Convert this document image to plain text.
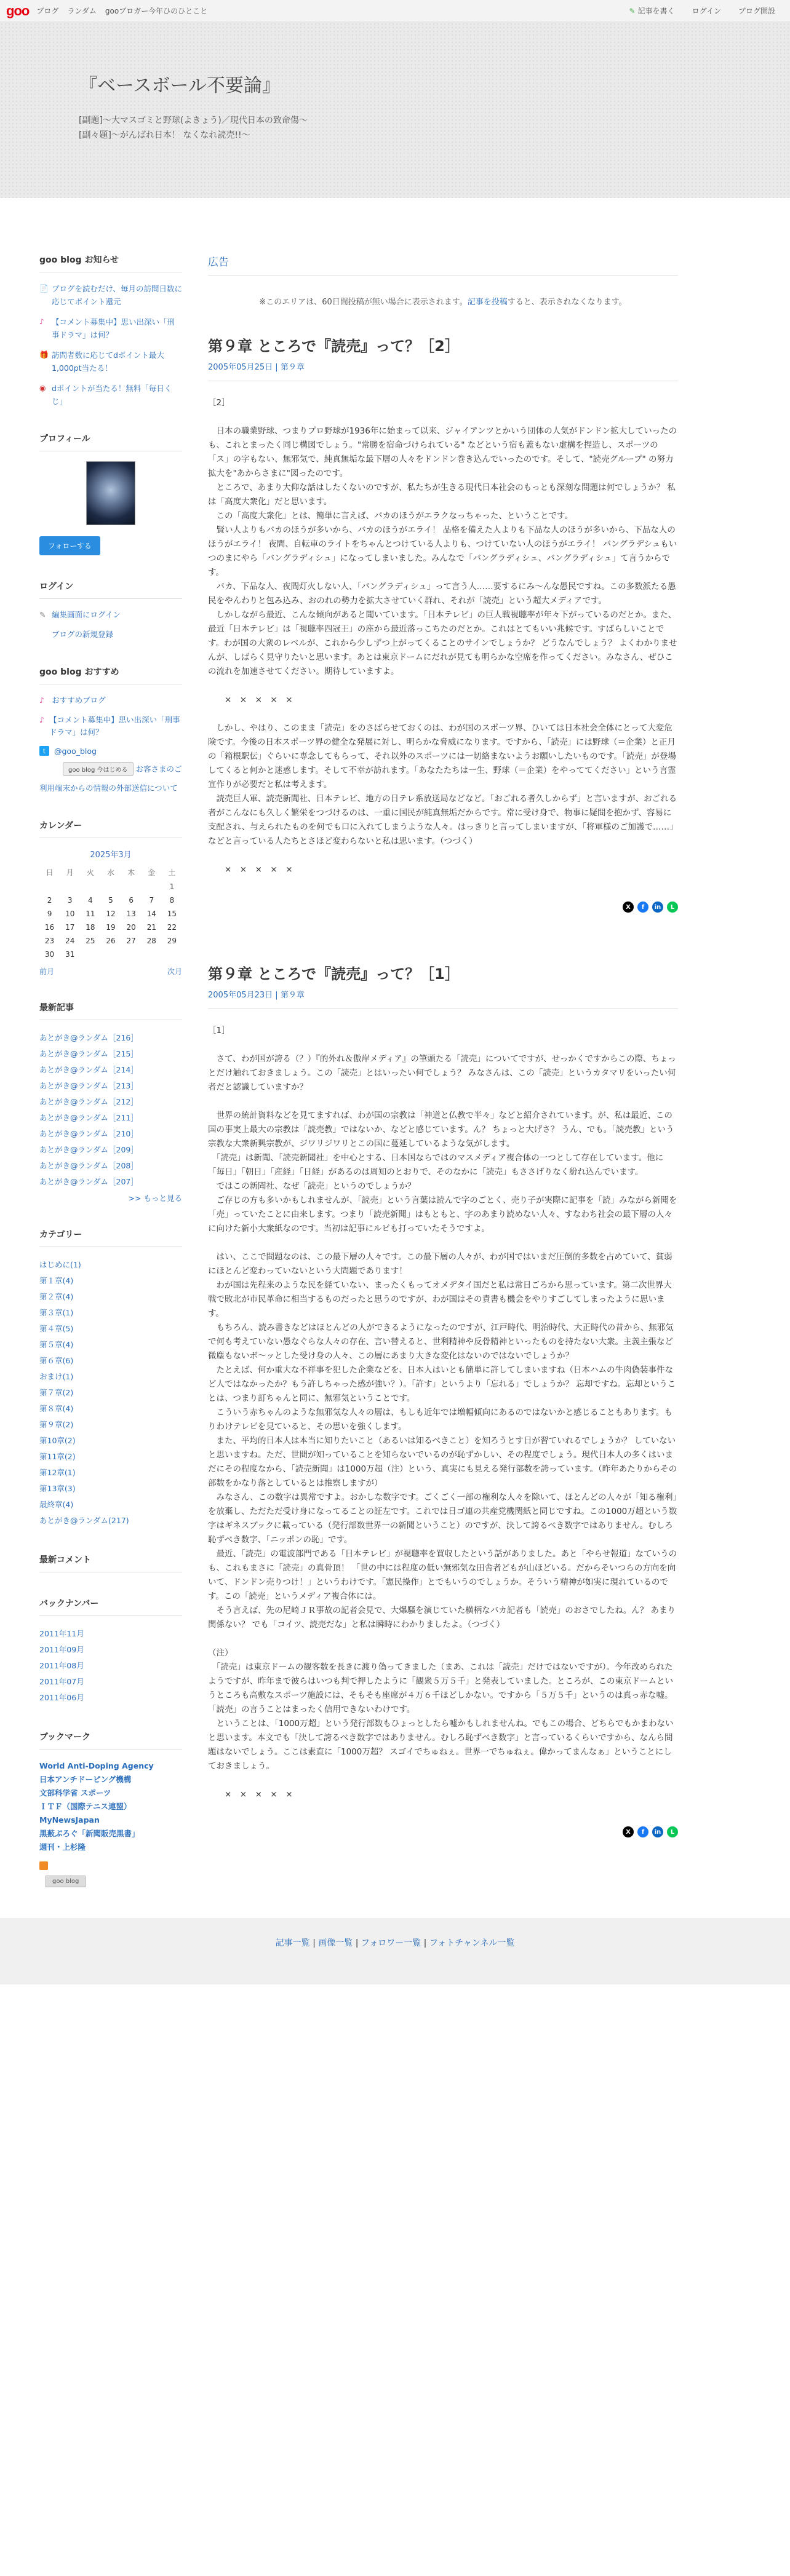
goo ブログ ランダム gooブロガー今年ひのひとこと	✎ 記事を書く ログイン ブログ開設
『ベースボール不要論』
[副題]〜大マスゴミと野球(よきょう)／現代日本の致命傷〜
[副々題]〜がんばれ日本！ なくなれ読売!!〜
goo blog お知らせ
📄 ブログを読むだけ、毎月の訪問日数に応じてポイント還元
♪ 【コメント募集中】思い出深い「刑事ドラマ」は何？
🎁 訪問者数に応じてdポイント最大1,000pt当たる！
◉ dポイントが当たる！無料「毎日くじ」
プロフィール
フォローする
ログイン
✎ 編集画面にログイン
ブログの新規登録
goo blog おすすめ
♪ おすすめブログ
♪ 【コメント募集中】思い出深い「刑事ドラマ」は何？
t	@goo_blog
goo blog 今はじめる お客さまのご利用端末からの情報の外部送信について
カレンダー
2025年3月
日	月	火	水	木	金	土
						1
2	3	4	5	6	7	8
9	10	11	12	13	14	15
16	17	18	19	20	21	22
23	24	25	26	27	28	29
30	31					
前月	次月
最新記事
あとがき@ランダム［216］
あとがき@ランダム［215］
あとがき@ランダム［214］
あとがき@ランダム［213］
あとがき@ランダム［212］
あとがき@ランダム［211］
あとがき@ランダム［210］
あとがき@ランダム［209］
あとがき@ランダム［208］
あとがき@ランダム［207］
>> もっと見る
カテゴリー
はじめに(1)
第１章(4)
第２章(4)
第３章(1)
第４章(5)
第５章(4)
第６章(6)
おまけ(1)
第７章(2)
第８章(4)
第９章(2)
第10章(2)
第11章(2)
第12章(1)
第13章(3)
最終章(4)
あとがき@ランダム(217)
最新コメント
バックナンバー
2011年11月
2011年09月
2011年08月
2011年07月
2011年06月
ブックマーク
World Anti-Doping Agency
日本アンチドーピング機構
文部科学省 スポーツ
ＩＴＦ（国際テニス連盟）
MyNewsJapan
黒薮ぶろぐ「新聞販売黒書」
週刊・上杉隆
goo blog
広告
※このエリアは、60日間投稿が無い場合に表示されます。記事を投稿すると、表示されなくなります。
第９章 ところで『読売』って？［2］
2005年05月25日 | 第９章

［2］

　日本の職業野球、つまりプロ野球が1936年に始まって以来、ジャイアンツとかいう団体の人気がドンドン拡大していったのも、これとまったく同じ構図でしょう。"常勝を宿命づけられている" などという宿も蓋もない虚構を捏造し、スポーツの「ス」の字もない、無邪気で、純真無垢な最下層の人々をドンドン巻き込んでいったのです。そして、"読売グループ" の努力拡大を"あからさまに"図ったのです。

　ところで、あまり大仰な話はしたくないのですが、私たちが生きる現代日本社会のもっとも深刻な問題は何でしょうか？ 私は「高度大衆化」だと思います。

　この「高度大衆化」とは、簡単に言えば、バカのほうがエラクなっちゃった、ということです。

　賢い人よりもバカのほうが多いから、バカのほうがエライ！ 品格を備えた人よりも下品な人のほうが多いから、下品な人のほうがエライ！ 夜間、自転車のライトをちゃんとつけている人よりも、つけていない人のほうがエライ！ バングラデシュもいつのまにやら「バングラディシュ」になってしまいました。みんなで「バングラディシュ、バングラディシュ」て言うからです。

　バカ、下品な人、夜間灯火しない人、「バングラディシュ」って言う人……要するにみ〜んな愚民ですね。この多数派たる愚民をやんわりと包み込み、おのれの勢力を拡大させていく群れ、それが「読売」という超大メディアです。

　しかしながら最近、こんな傾向があると聞いています。「日本テレビ」の巨人戦視聴率が年々下がっているのだとか。また、最近「日本テレビ」は「視聴率四冠王」の座から最近落っこちたのだとか。これはとてもいい兆候です。すばらしいことです。わが国の大衆のレベルが、これから少しずつ上がってくることのサインでしょうか？ どうなんでしょう？ よくわかりませんが、しばらく見守りたいと思います。あとは東京ドームにだれが見ても明らかな空席を作ってください。みなさん、ぜひこの流れを加速させてください。期待していますよ。

　　×　×　×　×　×

　しかし、やはり、このまま「読売」をのさばらせておくのは、わが国のスポーツ界、ひいては日本社会全体にとって大変危険です。今後の日本スポーツ界の健全な発展に対し、明らかな脅威になります。ですから、「読売」には野球（＝企業）と正月の「箱根駅伝」ぐらいに専念してもらって、それ以外のスポーツには一切絡まないようお願いしたいものです。「読売」が登場してくると何かと迷惑します。そして不幸が訪れます。「あなたたちは一生、野球（＝企業）をやっててください」という言霊宣作りが必要だと私は考えます。

　読売巨人軍、読売新聞社、日本テレビ、地方の日テレ系放送局などなど。「おごれる者久しからず」と言いますが、おごれる者がこんなにも久しく繁栄をつづけるのは、一重に国民が純真無垢だからです。常に受け身で、物事に疑問を抱かず、容易に支配され、与えられたものを何でも口に入れてしまうような人々。はっきりと言ってしまいますが、「将軍様のご加護で……」などと言っている人たちとさほど変わらないと私は思います。（つづく）

　　×　×　×　×　×

X	f	in	L
第９章 ところで『読売』って？［1］
2005年05月23日 | 第９章

［1］

　さて、わが国が誇る（？）『的外れ＆傲岸メディア』の筆頭たる「読売」についてですが、せっかくですからこの際、ちょっとだけ触れておきましょう。この「読売」とはいったい何でしょう？ みなさんは、この「読売」というカタマリをいったい何者だと認識していますか？

　世界の統計資料などを見てますれば、わが国の宗教は「神道と仏教で半々」などと紹介されています。が、私は最近、この国の事実上最大の宗教は「読売教」ではないか、などと感じています。ん？ ちょっと大げさ？ うん、でも。「読売教」という宗教な大衆新興宗教が、ジワリジワリとこの国に蔓延しているような気がします。

　「読売」は新聞、「読売新聞社」を中心とする、日本国ならではのマスメディア複合体の一つとして存在しています。他に「毎日」「朝日」「産経」「日経」があるのは周知のとおりで、そのなかに「読売」もささげりなく紛れ込んでいます。

　ではこの新聞社、なぜ「読売」というのでしょうか？

　ご存じの方も多いかもしれませんが、「読売」という言葉は読んで字のごとく、売り子が実際に記事を「読」みながら新聞を「売」っていたことに由来します。つまり「読売新聞」はもともと、字のあまり読めない人々、すなわち社会の最下層の人々に向けた新小大衆紙なのです。当初は記事にルビも打っていたそうですよ。

　はい、ここで問題なのは、この最下層の人々です。この最下層の人々が、わが国ではいまだ圧倒的多数を占めていて、貧弱にほとんど変わっていないという大問題であります！

　わが国は先程来のような民を経ていない、まったくもってオメデタイ国だと私は常日ごろから思っています。第二次世界大戦で敗北が市民革命に相当するものだったと思うのですが、わが国はその責書も機会をやりすごしてしまったように思います。

　もちろん、読み書きなどはほとんどの人ができるようになったのですが、江戸時代、明治時代、大正時代の昔から、無邪気で何も考えていない愚なぐらな人々の存在、言い替えると、世利精神や反骨精神といったものを持たない大衆。主義主張など微塵もないボ〜ッとした受け身の人々、この層にあまり大きな変化はないのではないでしょうか？

　たとえば、何か重大な不祥事を犯した企業などを、日本人はいとも簡単に許してしまいますね（日本ハムの牛肉偽装事件など人ではなかったか？もう許しちゃった感が強い？）。「許す」というより「忘れる」でしょうか？ 忘却ですね。忘却ということは、つまり訂ちゃんと同に、無邪気ということです。

　こういう赤ちゃんのような無邪気な人々の層は、もしも近年では増幅傾向にあるのではないかと感じることもあります。もりわけテレビを見ていると、その思いを強くします。

　また、平均的日本人は本当に知りたいこと（あるいは知るべきこと）を知ろうとす日が習ていれるでしょうか？ していないと思いますね。ただ、世間が知っていることを知らないでいるのが恥ずかしい、その程度でしょう。現代日本人の多くはいまだにその程度なから、「読売新聞」は1000万超（注）という、真実にも見える発行部数を誇っています。（昨年あたりからその部数をかなり落としているとは推察しますが）

　みなさん、この数字は異常ですよ。おかしな数字です。ごくごく一部の権利な人々を除いて、ほとんどの人々が「知る権利」を放棄し、ただただ受け身になってることの証左です。これでは日ゴ連の共産党機関紙と同じですね。この1000万超という数字はギネスブックに載っている（発行部数世界一の新聞ということ）のですが、決して誇るべき数字ではありません。むしろ恥ずべき数字、「ニッポンの恥」です。

　最近、「読売」の電波部門である「日本テレビ」が視聴率を買収したという話がありました。あと「やらせ報道」なていうのも、これもまさに「読売」の真骨頂！ 「世の中には程度の低い無邪気な田舎者どもが山ほどいる。だからそいつらの方向を向いて、ドンドン売りつけ！」というわけです。「憲民操作」とでもいうのでしょうか。そういう精神が如実に現れているのです。この「読売」というメディア複合体には。

　そう言えば、先の尼崎ＪＲ事故の記者会見で、大爆騒を演じていた横柄なバカ記者も「読売」のおさでしたね。ん？ あまり関係ない？ でも「コイツ、読売だな」と私は瞬時にわかりましたよ。（つづく）

（注）

　「読売」は東京ドームの観客数を長きに渡り偽ってきました（まあ、これは「読売」だけではないですが）。今年改められたようですが、昨年まで彼らはいつも判で押したように「観衆５万５千」と発表していました。ところが、この東京ドームというところも高敷なスポーツ施設には、そもそも座席が４万６千ほどしかない。ですから「５万５千」というのは真っ赤な嘘。「読売」の言うことはまったく信用できないわけです。

　ということは、「1000万超」という発行部数もひょっとしたら嘘かもしれませんね。でもこの場合、どちらでもかまわないと思います。本文でも「決して誇るべき数字ではありません。むしろ恥ずべき数字」と言っているくらいですから、なんら問題はないでしょう。ここは素直に「1000万超？ スゴイでちゅねぇ。世界一でちゅねぇ。偉かってまんなぁ」ということにしておきましょう。

　　×　×　×　×　×

X	f	in	L
記事一覧 | 画像一覧 | フォロワー一覧 | フォトチャンネル一覧
